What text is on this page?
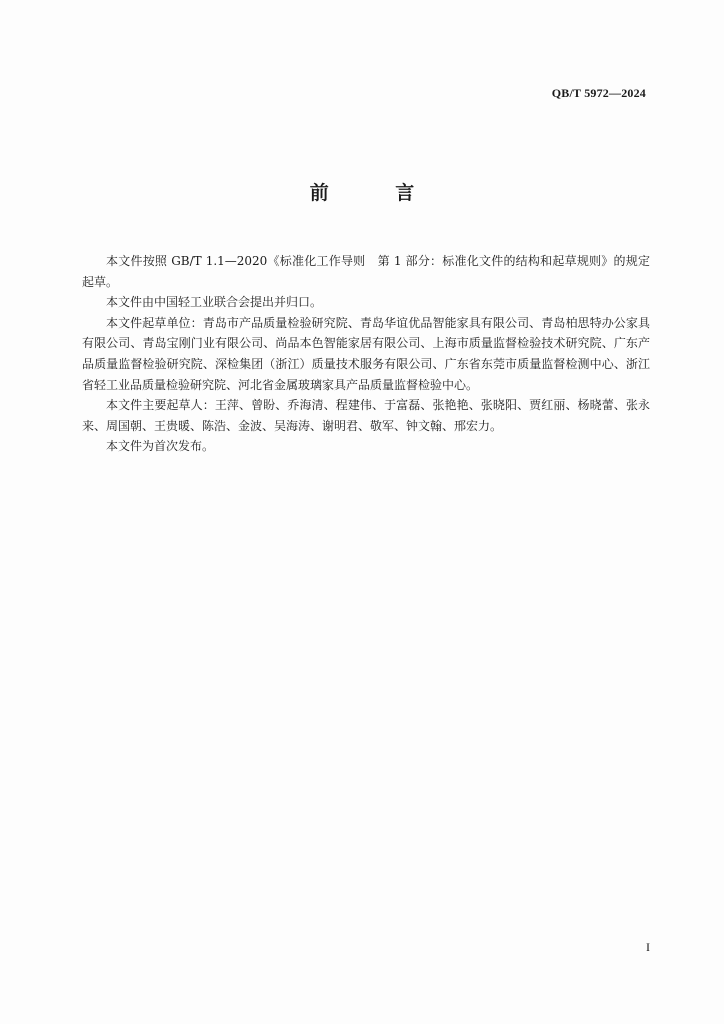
QB/T 5972—2024
前 言

本文件按照 GB/T 1.1—2020《标准化工作导则　第 1 部分：标准化文件的结构和起草规则》的规定起草。

本文件由中国轻工业联合会提出并归口。

本文件起草单位：青岛市产品质量检验研究院、青岛华谊优品智能家具有限公司、青岛柏思特办公家具有限公司、青岛宝刚门业有限公司、尚品本色智能家居有限公司、上海市质量监督检验技术研究院、广东产品质量监督检验研究院、深检集团（浙江）质量技术服务有限公司、广东省东莞市质量监督检测中心、浙江省轻工业品质量检验研究院、河北省金属玻璃家具产品质量监督检验中心。

本文件主要起草人：王萍、曾盼、乔海清、程建伟、于富磊、张艳艳、张晓阳、贾红丽、杨晓蕾、张永来、周国朝、王贵暖、陈浩、金波、吴海涛、谢明君、敬军、钟文翰、邢宏力。

本文件为首次发布。

I
